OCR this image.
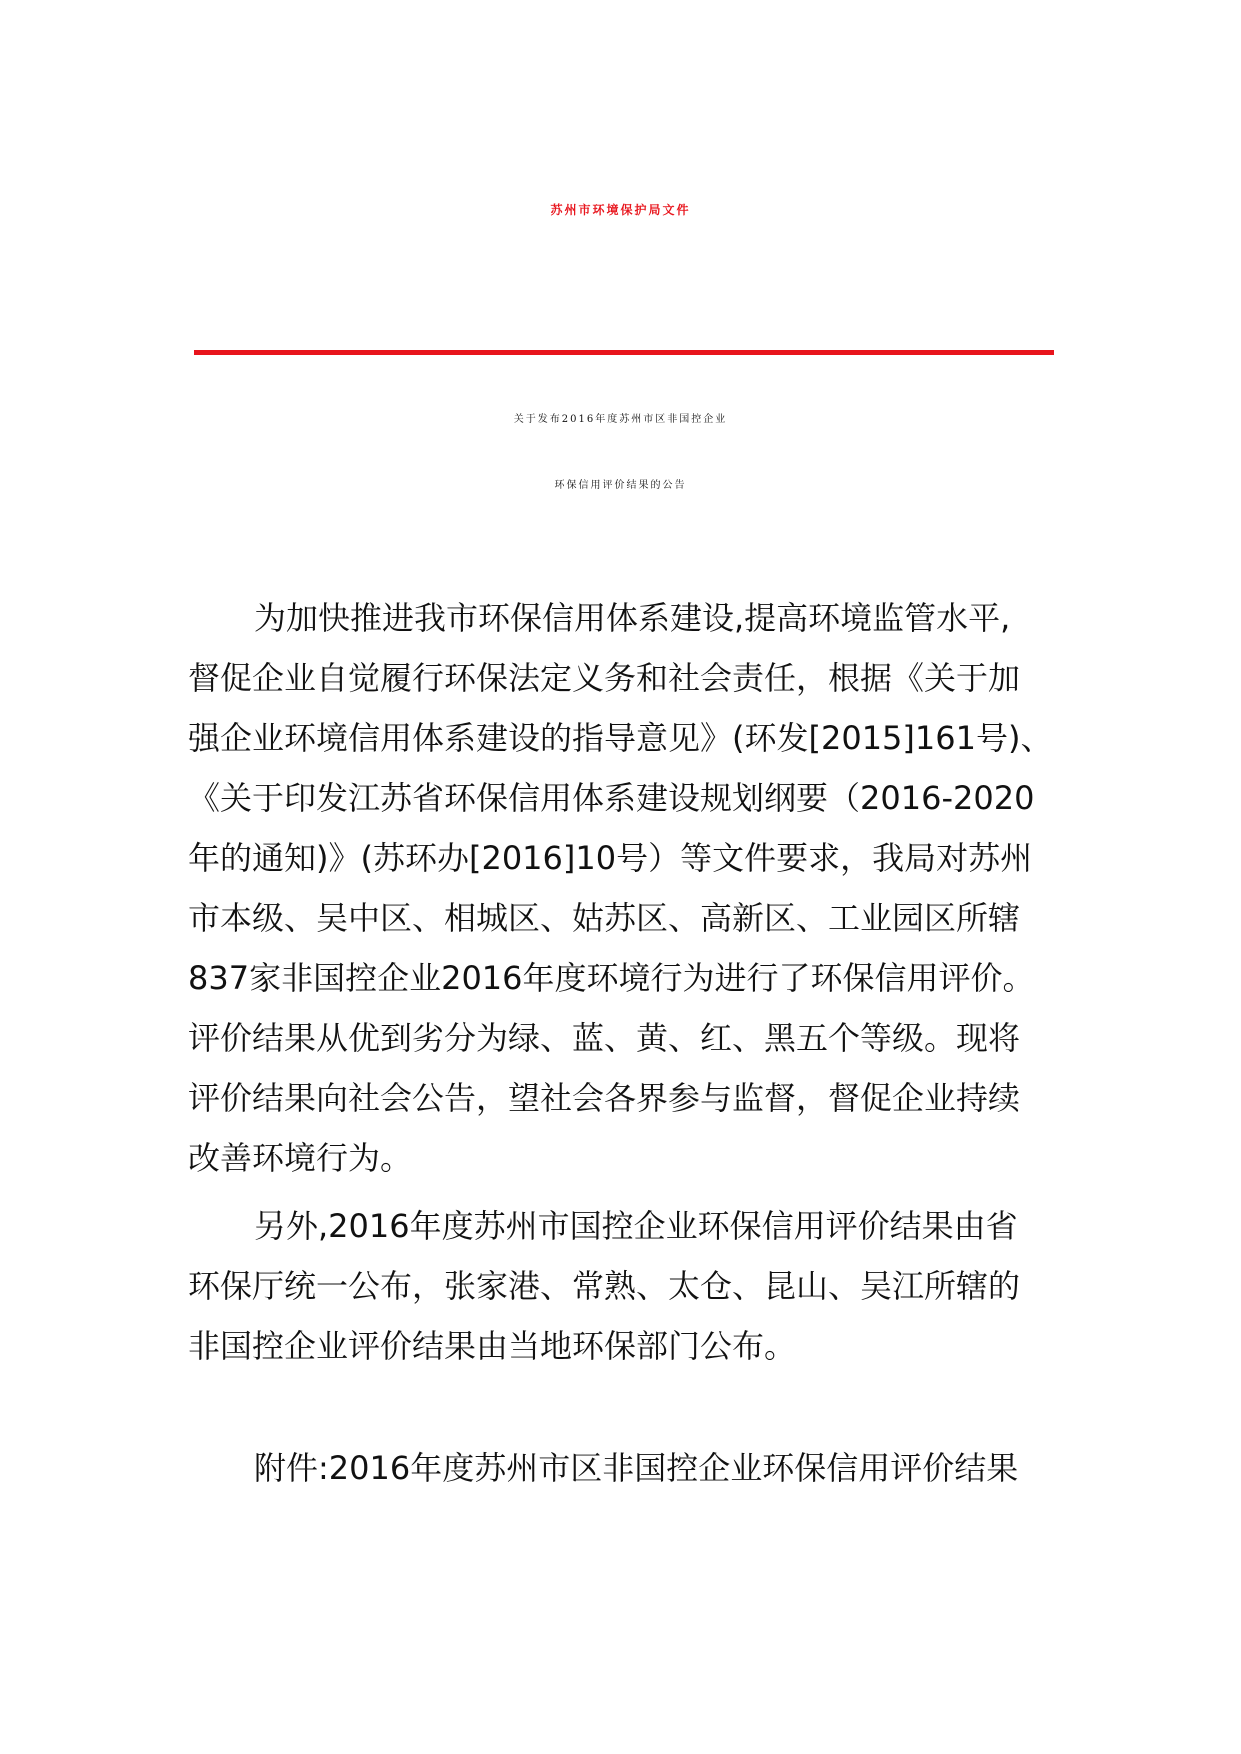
苏州市环境保护局文件
关于发布2016年度苏州市区非国控企业
环保信用评价结果的公告
为加快推进我市环保信用体系建设,提高环境监管水平,
督促企业自觉履行环保法定义务和社会责任，根据《关于加
强企业环境信用体系建设的指导意见》(环发[2015]161号)、
《关于印发江苏省环保信用体系建设规划纲要（2016-2020
年的通知)》(苏环办[2016]10号）等文件要求，我局对苏州
市本级、吴中区、相城区、姑苏区、高新区、工业园区所辖
837家非国控企业2016年度环境行为进行了环保信用评价。
评价结果从优到劣分为绿、蓝、黄、红、黑五个等级。现将
评价结果向社会公告，望社会各界参与监督，督促企业持续
改善环境行为。
另外,2016年度苏州市国控企业环保信用评价结果由省
环保厅统一公布，张家港、常熟、太仓、昆山、吴江所辖的
非国控企业评价结果由当地环保部门公布。
附件:2016年度苏州市区非国控企业环保信用评价结果
